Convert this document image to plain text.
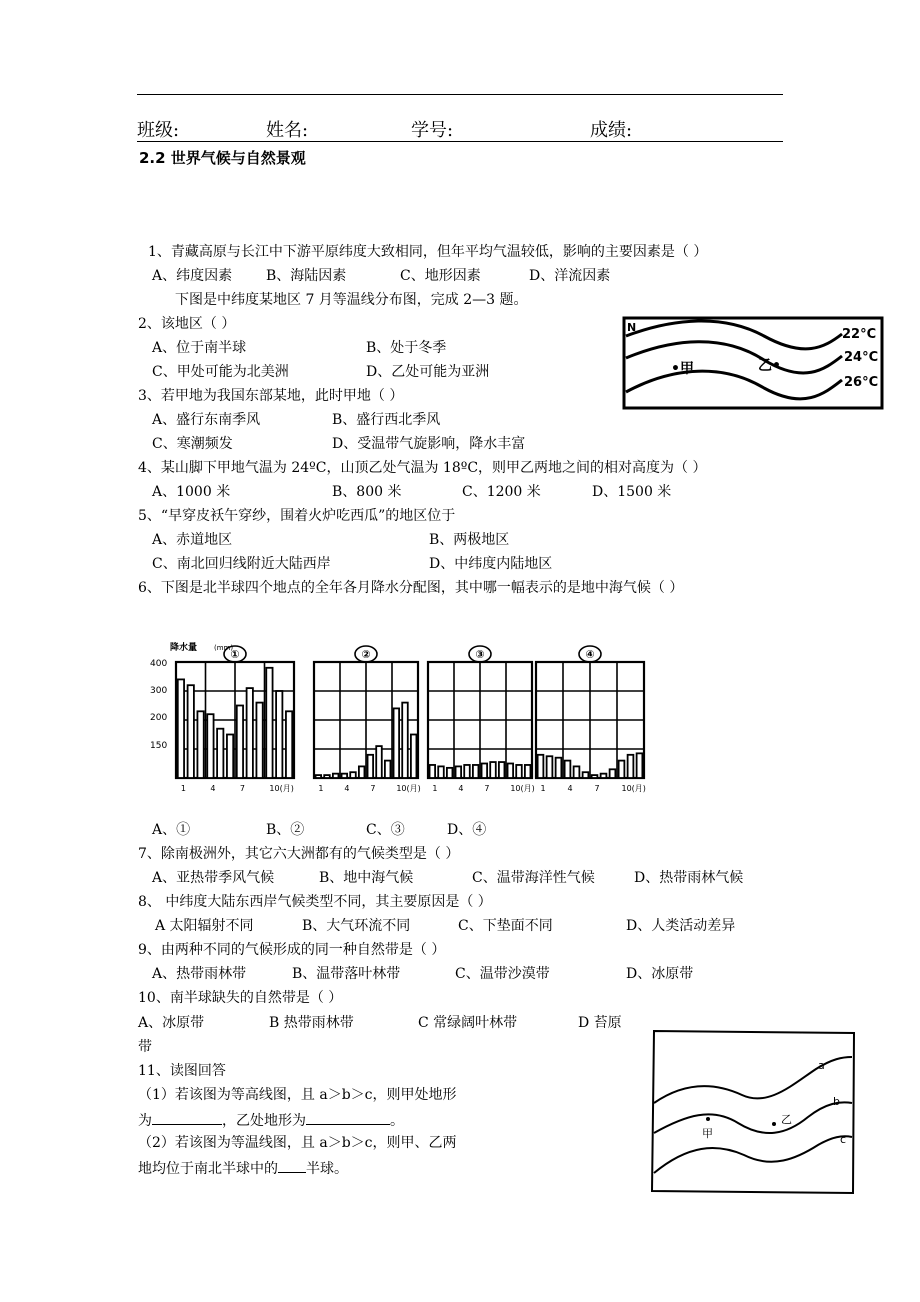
班级:	姓名:	学号:	成绩:
2.2 世界气候与自然景观
1、青藏高原与长江中下游平原纬度大致相同，但年平均气温较低，影响的主要因素是（ ）
A、纬度因素 B、海陆因素	C、地形因素	D、洋流因素
下图是中纬度某地区 7 月等温线分布图，完成 2—3 题。
2、该地区（ ）
A、位于南半球	B、处于冬季
C、甲处可能为北美洲	D、乙处可能为亚洲
3、若甲地为我国东部某地，此时甲地（ ）
A、盛行东南季风	B、盛行西北季风
C、寒潮频发	D、受温带气旋影响，降水丰富
N	22°C
24°C
26°C
•甲	乙•
4、某山脚下甲地气温为 24ºC，山顶乙处气温为 18ºC，则甲乙两地之间的相对高度为（ ）
A、1000 米	B、800 米	C、1200 米	D、1500 米
5、“早穿皮袄午穿纱，围着火炉吃西瓜”的地区位于
A、赤道地区	B、两极地区
C、南北回归线附近大陆西岸	D、中纬度内陆地区
6、下图是北半球四个地点的全年各月降水分配图，其中哪一幅表示的是地中海气候（ ）
降水量 (mm)
400
300
200
150
①
1	4	7	10(月)
②
1	4	7	10(月)
③
1	4	7	10(月)
④
1	4	7	10(月)
A、①	B、②	C、③	D、④
7、除南极洲外，其它六大洲都有的气候类型是（ ）
A、亚热带季风气候	B、地中海气候	C、温带海洋性气候	D、热带雨林气候
8、 中纬度大陆东西岸气候类型不同，其主要原因是（ ）
A 太阳辐射不同	B、大气环流不同	C、下垫面不同	D、人类活动差异
9、由两种不同的气候形成的同一种自然带是（ ）
A、热带雨林带	B、温带落叶林带	C、温带沙漠带	D、冰原带
10、南半球缺失的自然带是（ ）
A、冰原带	B 热带雨林带	C 常绿阔叶林带	D 苔原
带
11、读图回答
（1）若该图为等高线图，且 a＞b＞c，则甲处地形
为	，乙处地形为	。
（2）若该图为等温线图，且 a＞b＞c，则甲、乙两
地均位于南北半球中的 半球。
a
b
c
甲
乙
